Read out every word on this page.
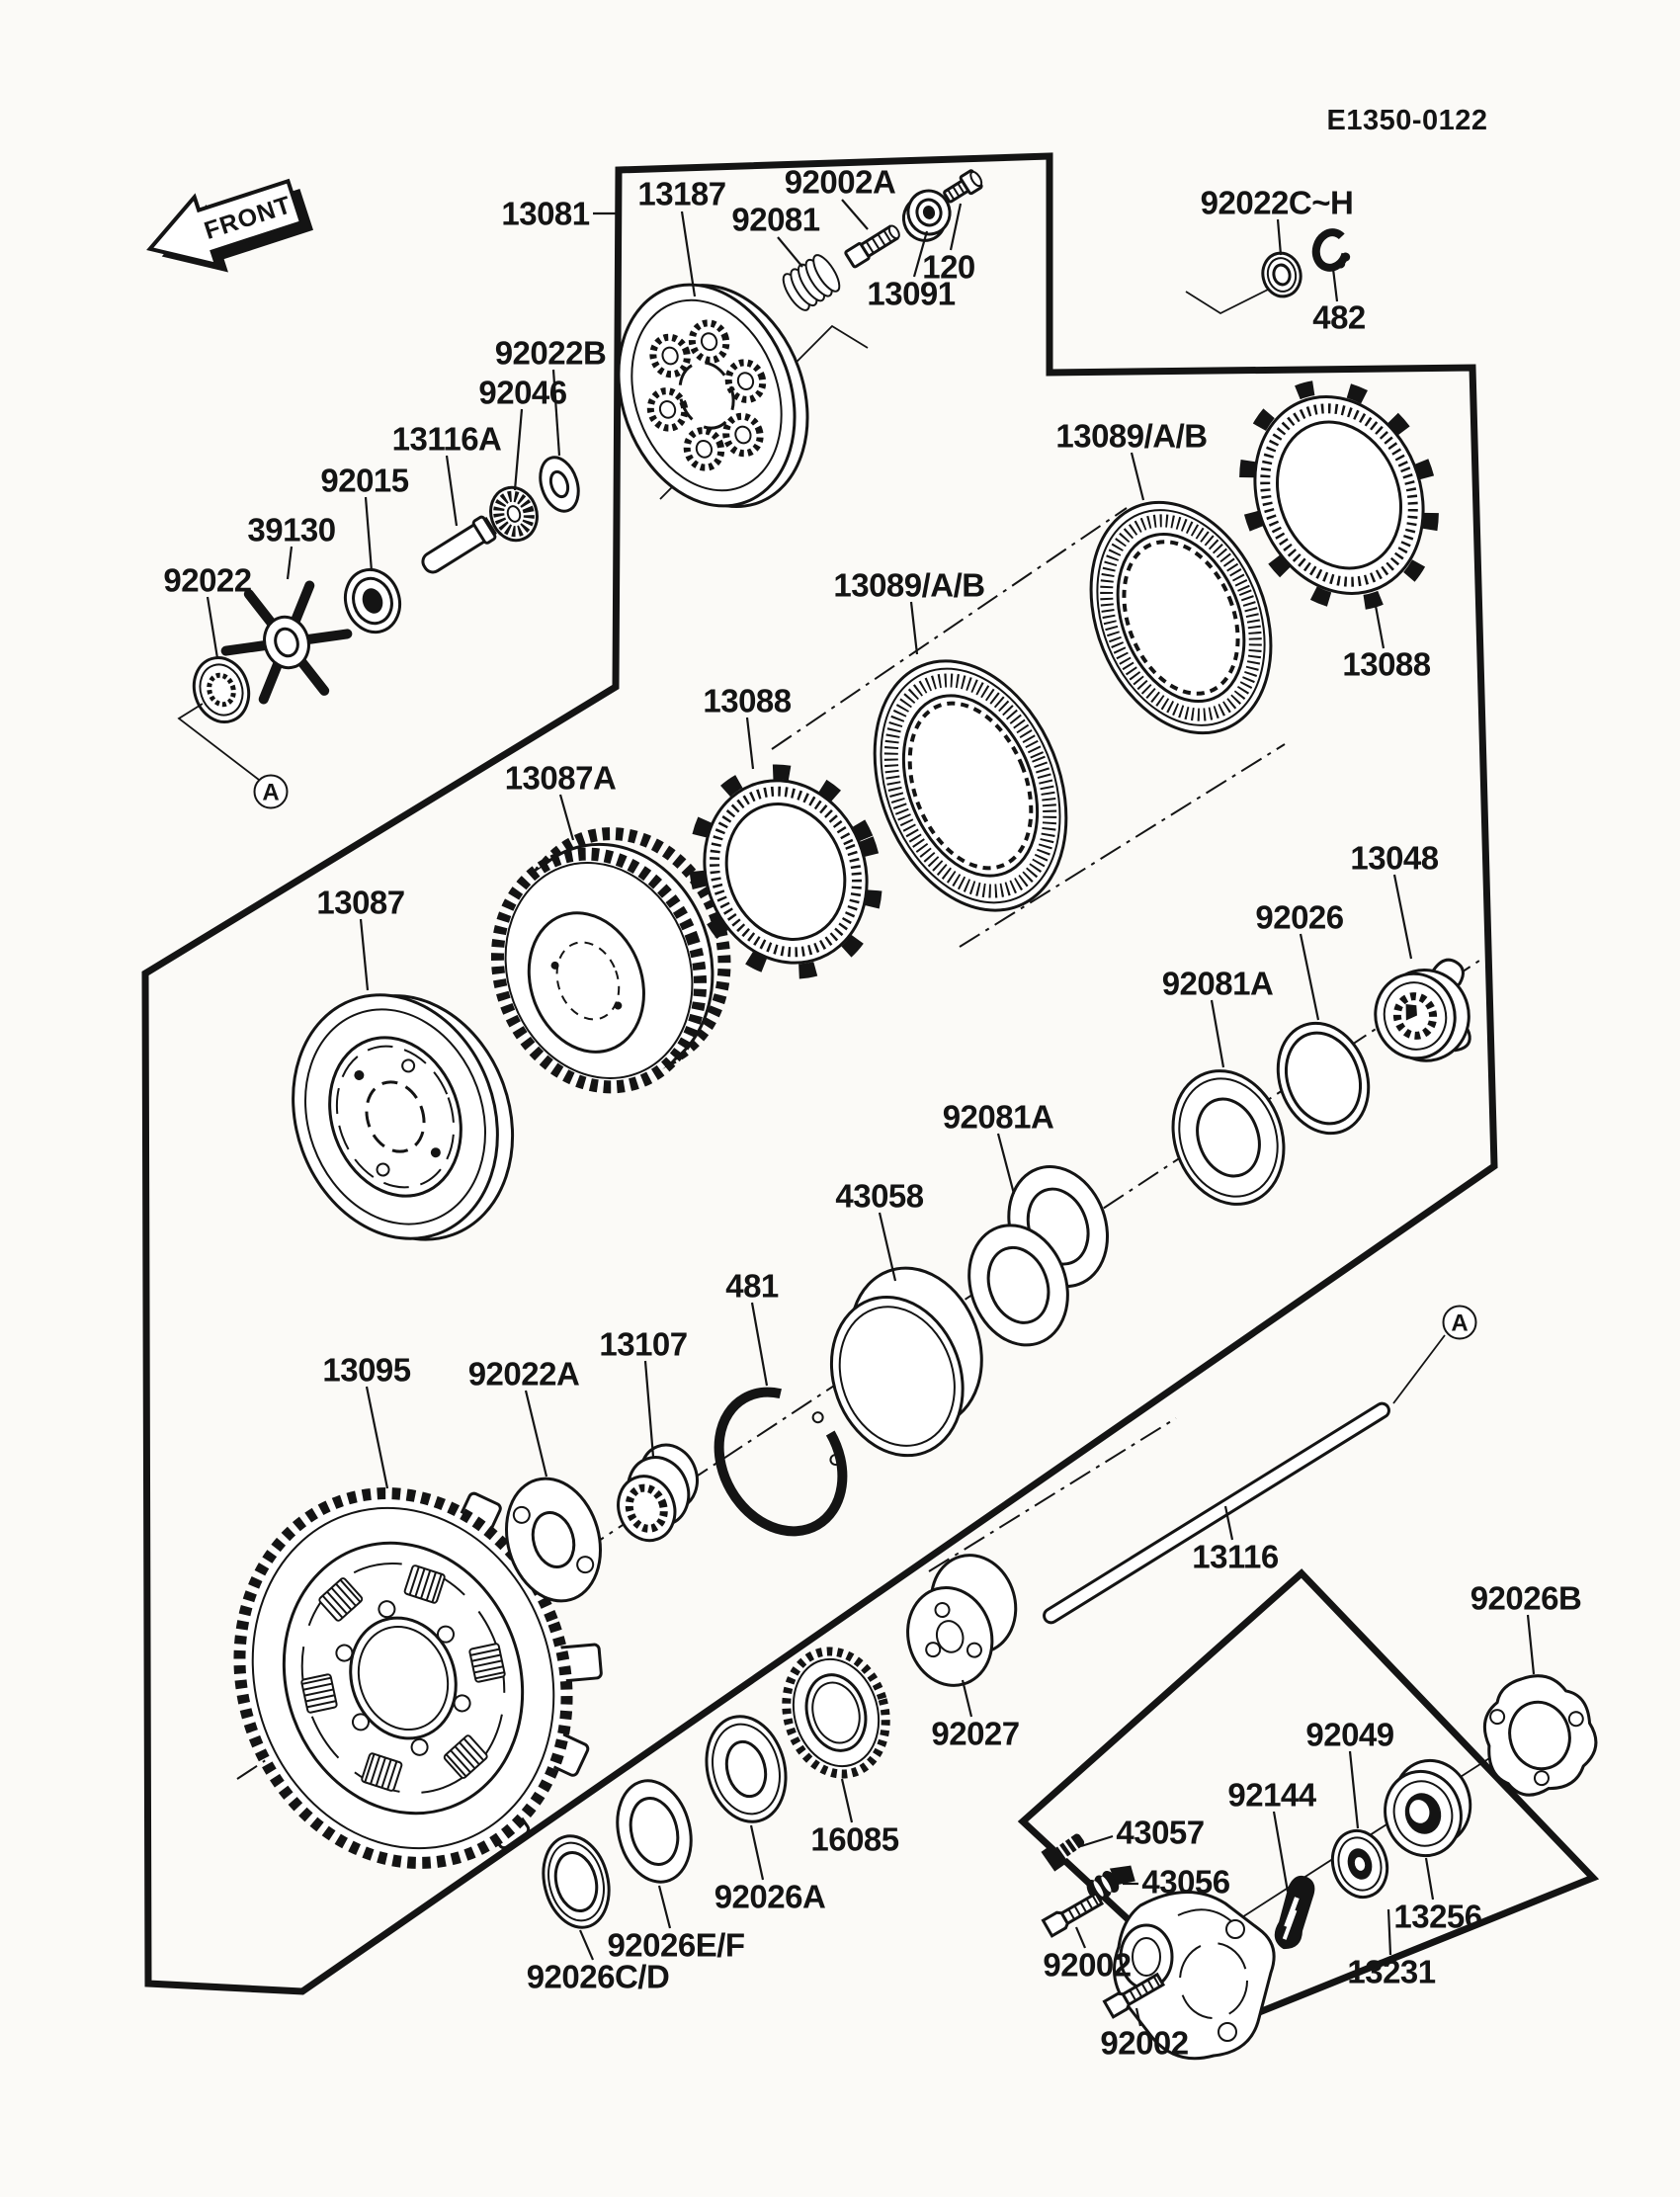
FRONT
E1350-0122
13081
13187
92081
92002A
13091
120
92022C~H
482
92022B
92046
13116A
92015
39130
92022	13089/A/B
13089/A/B
13088
13088
13087A
13087
13048
92026
92081A
92081A
43058
481
13107
13095 92022A
92026C/D
92026E/F
92026A
16085
92027
13116
92026B
92049
92144
43057
43056
13256
92002
92002
13231
A
A
